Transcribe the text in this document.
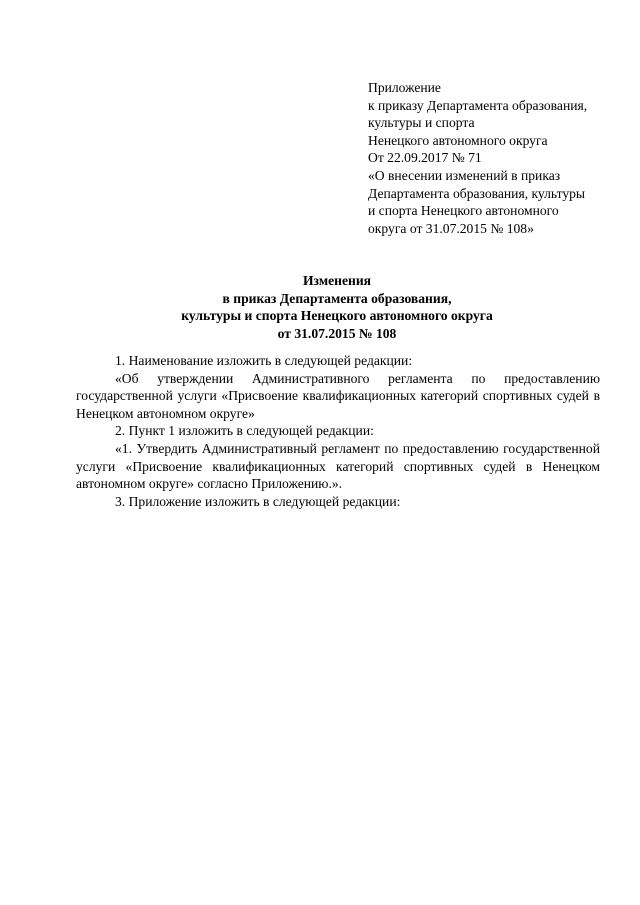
Приложение
к приказу Департамента образования,
культуры и спорта
Ненецкого автономного округа
От 22.09.2017 № 71
«О внесении изменений в приказ
Департамента образования, культуры
и спорта Ненецкого автономного
округа от 31.07.2015 № 108»
Изменения
в приказ Департамента образования,
культуры и спорта Ненецкого автономного округа
от 31.07.2015 № 108

1. Наименование изложить в следующей редакции:

«Об утверждении Административного регламента по предоставлению государственной услуги «Присвоение квалификационных категорий спортивных судей в Ненецком автономном округе»

2. Пункт 1 изложить в следующей редакции:

«1. Утвердить Административный регламент по предоставлению государственной услуги «Присвоение квалификационных категорий спортивных судей в Ненецком автономном округе» согласно Приложению.».

3. Приложение изложить в следующей редакции:
